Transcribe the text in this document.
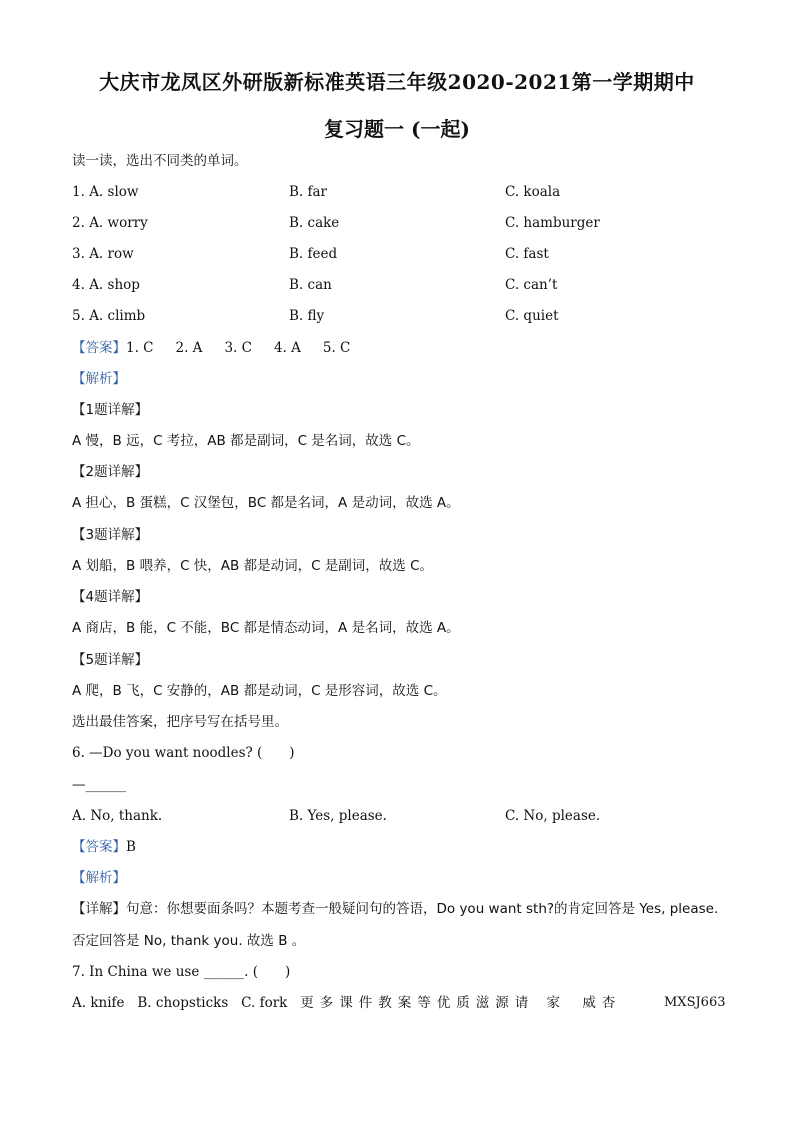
大庆市龙凤区外研版新标准英语三年级2020-2021第一学期期中
复习题一 (一起)
读一读，选出不同类的单词。
1. A. slow	B. far	C. koala
2. A. worry	B. cake	C. hamburger
3. A. row	B. feed	C. fast
4. A. shop	B. can	C. can’t
5. A. climb	B. fly	C. quiet
【答案】1. C 2. A 3. C 4. A 5. C
【解析】
【1题详解】
A 慢，B 远，C 考拉，AB 都是副词，C 是名词，故选 C。
【2题详解】
A 担心，B 蛋糕，C 汉堡包，BC 都是名词，A 是动词，故选 A。
【3题详解】
A 划船，B 喂养，C 快，AB 都是动词，C 是副词，故选 C。
【4题详解】
A 商店，B 能，C 不能，BC 都是情态动词，A 是名词，故选 A。
【5题详解】
A 爬，B 飞，C 安静的，AB 都是动词，C 是形容词，故选 C。
选出最佳答案，把序号写在括号里。
6. —Do you want noodles? (　　)
—______
A. No, thank.	B. Yes, please.	C. No, please.
【答案】B
【解析】
【详解】句意：你想要面条吗？本题考查一般疑问句的答语，Do you want sth?的肯定回答是 Yes, please.
否定回答是 No, thank you. 故选 B 。
7. In China we use ______. (　　)
A. knife B. chopsticks C. fork 更多课件教案等优质滋源请 家 威杏	MXSJ663
